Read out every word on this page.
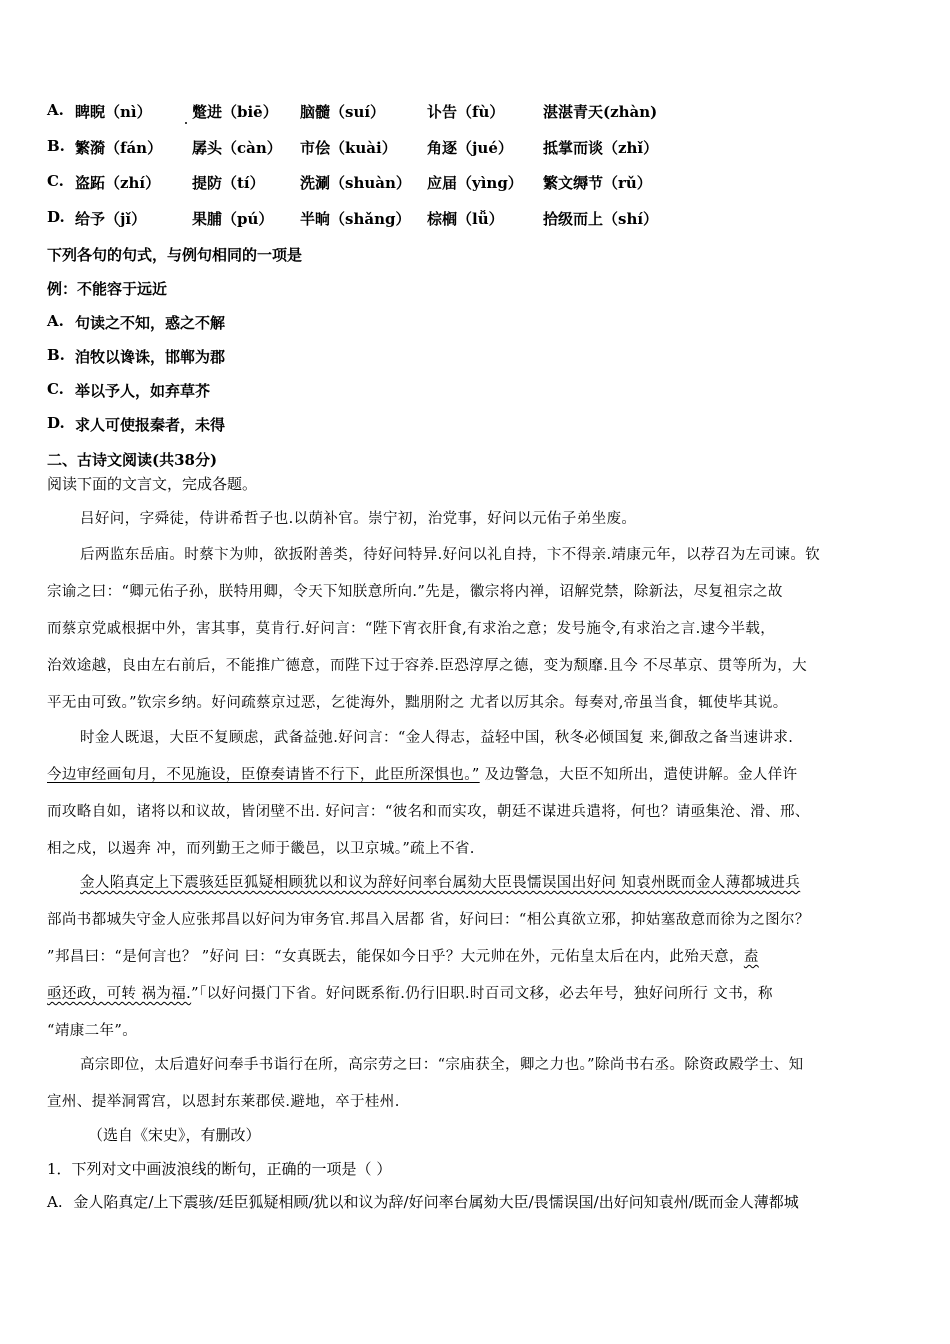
A. 睥睨（nì）	蹩进（biē） 脑髓（suí）	讣告（fù）	湛湛青天(zhàn)
B. 繁漪（fán） 孱头（càn） 市侩（kuài） 角逐（jué） 抵掌而谈（zhǐ）
C. 盗跖（zhí） 提防（tí） 洗涮（shuàn） 应届（yìng） 繁文缛节（rǔ）
D. 给予（jǐ）	果脯（pú） 半晌（shǎng） 棕榈（lǚ）	拾级而上（shí）
下列各句的句式，与例句相同的一项是
例：不能容于远近
A. 句读之不知，惑之不解
B. 洎牧以谗诛，邯郸为郡
C. 举以予人，如弃草芥
D. 求人可使报秦者，未得
二、古诗文阅读(共38分)
阅读下面的文言文，完成各题。
吕好问，字舜徒，侍讲希哲子也.以荫补官。崇宁初，治党事，好问以元佑子弟坐废。
后两监东岳庙。时蔡卞为帅，欲扳附善类，待好问特异.好问以礼自持，卞不得亲.靖康元年，以荐召为左司谏。钦
宗谕之曰：“卿元佑子孙，朕特用卿，令天下知朕意所向.”先是，徽宗将内禅，诏解党禁，除新法，尽复祖宗之故
而蔡京党戚根据中外，害其事，莫肯行.好问言：“陛下宵衣肝食,有求治之意；发号施令,有求治之言.逮今半载，
治效途越，良由左右前后，不能推广德意，而陛下过于容养.臣恐淳厚之德，变为颓靡.且今 不尽革京、贯等所为，大
平无由可致。”钦宗乡纳。好问疏蔡京过恶，乞徙海外，黜朋附之 尤者以厉其余。每奏对,帝虽当食，辄使毕其说。
时金人既退，大臣不复顾虑，武备益弛.好问言：“金人得志，益轻中国，秋冬必倾国复 来,御敌之备当速讲求.
今边审经画旬月，不见施设，臣僚奏请皆不行下，此臣所深惧也。” 及边警急，大臣不知所出，遣使讲解。金人佯许
而攻略自如，诸将以和议故，皆闭壁不出. 好问言：“彼名和而实攻，朝廷不谋进兵遣将，何也？请亟集沧、滑、邢、
相之戍，以遏奔 冲，而列勤王之师于畿邑，以卫京城。”疏上不省.
金人陷真定上下震骇廷臣狐疑相顾犹以和议为辞好问率台属劾大臣畏懦误国出好问 知袁州既而金人薄都城进兵
部尚书都城失守金人应张邦昌以好问为审务官.邦昌入居都 省，好问曰：“相公真欲立邪，抑姑塞敌意而徐为之图尔？
”邦昌曰：“是何言也？ ”好问 曰：“女真既去，能保如今日乎？大元帅在外，元佑皇太后在内，此殆天意，盍
亟还政，可转 祸为福.”「以好问摄门下省。好问既系衔.仍行旧职.时百司文移，必去年号，独好问所行 文书，称
“靖康二年”。
高宗即位，太后遣好问奉手书诣行在所，高宗劳之曰：“宗庙获全，卿之力也。”除尚书右丞。除资政殿学士、知
宣州、提举洞霄宫，以恩封东莱郡侯.避地，卒于桂州.
（选自《宋史》，有删改）
1．下列对文中画波浪线的断句，正确的一项是（ ）
A. 金人陷真定/上下震骇/廷臣狐疑相顾/犹以和议为辞/好问率台属劾大臣/畏懦误国/出好问知袁州/既而金人薄都城
